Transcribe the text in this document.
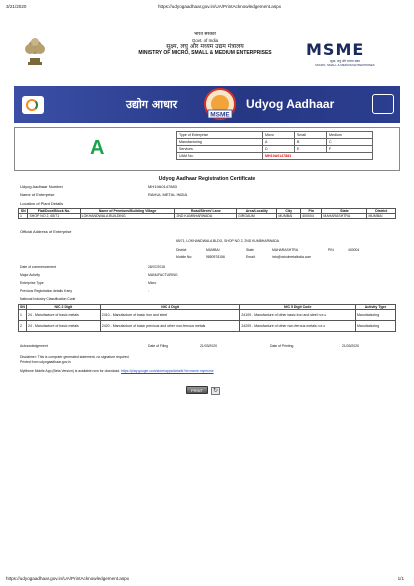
3/21/2020	https://udyogaadhaar.gov.in/UA/PrintAcknowledgement.aspx
भारत सरकार
Govt. of India
सूक्ष्म, लघु और मध्यम उद्यम मंत्रालय
MINISTRY OF MICRO, SMALL & MEDIUM ENTERPRISES	MSME
सूक्ष्म, लघु और मध्यम उद्यम
MICRO, SMALL & MEDIUM ENTERPRISES
उद्योग आधार
MSME
Udyog Aadhaar
A
Type of Enterprise	Micro	Small	Medium
Manufacturing	A	B	C
Services	D	E	F
UAM No.	MH19A0147883		
Udyog Aadhaar Registration Certificate
Udyog Aadhaar Number	MH19A0147883
Name of Enterprise	RAHUL METAL INDIA
Location of Plant Details
SN	Flat/Door/Block No.	Name of Premises/Building Village	Road/Street/ Lane	Area/Locality	City	Pin	State	District
1	SHOP NO 2, 65/71	LOKHANDWALA BUILDING	2ND KUMBHARWADA	GIRGAUM	MUMBAI	400004	MAHARASHTRA	MUMBAI
Official Address of Enterprise
65/71, LOKHANDWALA BLDG, SHOP NO 2, 2ND KUMBHARWADA
District	MUMBAI	State	MAHARASHTRA	PIN	400004
Mobile No:	9850978156	Email:	info@rahulmetalindia.com
Date of commencement	28/07/2018
Major Activity	MANUFACTURING
Enterprise Type	Micro
Previous Registration details if any	:
National Industry Classification Code
SN	NIC 2 Digit	NIC 4 Digit	NIC 5 Digit Code	Activity Type
1	24 - Manufacture of basic metals	2410 - Manufacture of basic iron and steel	24109 - Manufacture of other basic iron and steel n.e.c	Manufacturing
2	24 - Manufacture of basic metals	2420 - Manufacture of basic precious and other non-ferrous metals	24209 - Manufacture of other non-ferrous metals n.e.c	Manufacturing
Acknowledgement	Date of Filing	21/03/2020	Date of Printing	21/03/2020
Disclaimer: This is computer generated statement, no signature required.
Printed from udyogaadhaar.gov.in
MyMsme Mobile App (Beta Version) is available now for download. https://play.google.com/store/apps/details?id=msme.mymsme
PRINT ↻
https://udyogaadhaar.gov.in/UA/PrintAcknowledgement.aspx	1/1
